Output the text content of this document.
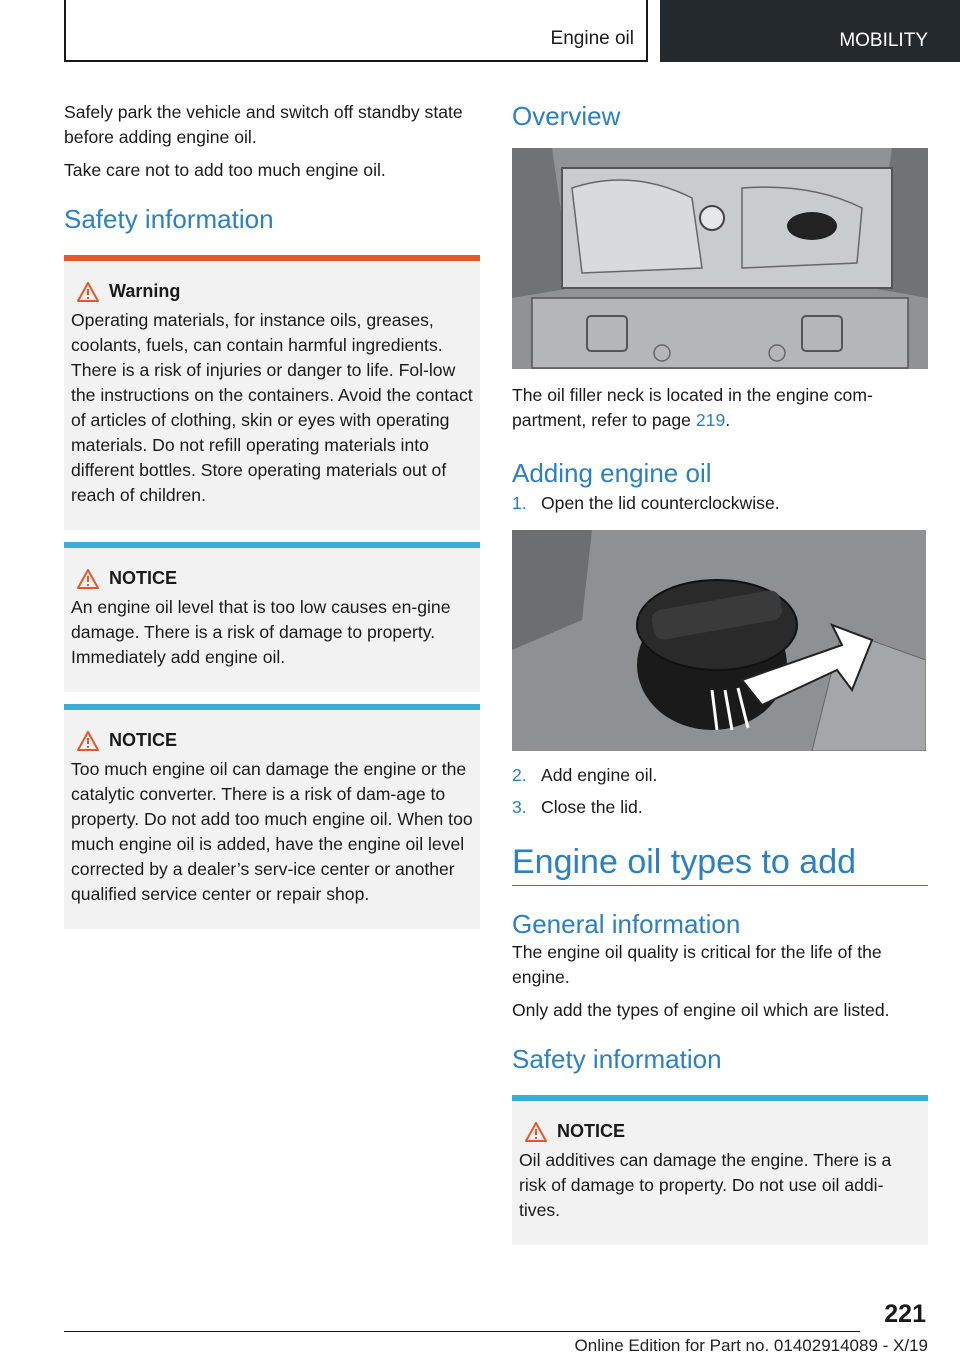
Engine oil	MOBILITY

Safely park the vehicle and switch off standby state before adding engine oil.

Take care not to add too much engine oil.

Safety information
Warning

Operating materials, for instance oils, greases, coolants, fuels, can contain harmful ingredients. There is a risk of injuries or danger to life. Fol-low the instructions on the containers. Avoid the contact of articles of clothing, skin or eyes with operating materials. Do not refill operating materials into different bottles. Store operating materials out of reach of children.

NOTICE

An engine oil level that is too low causes en-gine damage. There is a risk of damage to property. Immediately add engine oil.

NOTICE

Too much engine oil can damage the engine or the catalytic converter. There is a risk of dam-age to property. Do not add too much engine oil. When too much engine oil is added, have the engine oil level corrected by a dealer’s serv-ice center or another qualified service center or repair shop.

Overview

The oil filler neck is located in the engine com-partment, refer to page 219.

Adding engine oil
1. Open the lid counterclockwise.
2. Add engine oil.
3. Close the lid.
Engine oil types to add
General information

The engine oil quality is critical for the life of the engine.

Only add the types of engine oil which are listed.

Safety information
NOTICE

Oil additives can damage the engine. There is a risk of damage to property. Do not use oil addi-tives.

221
Online Edition for Part no. 01402914089 - X/19
